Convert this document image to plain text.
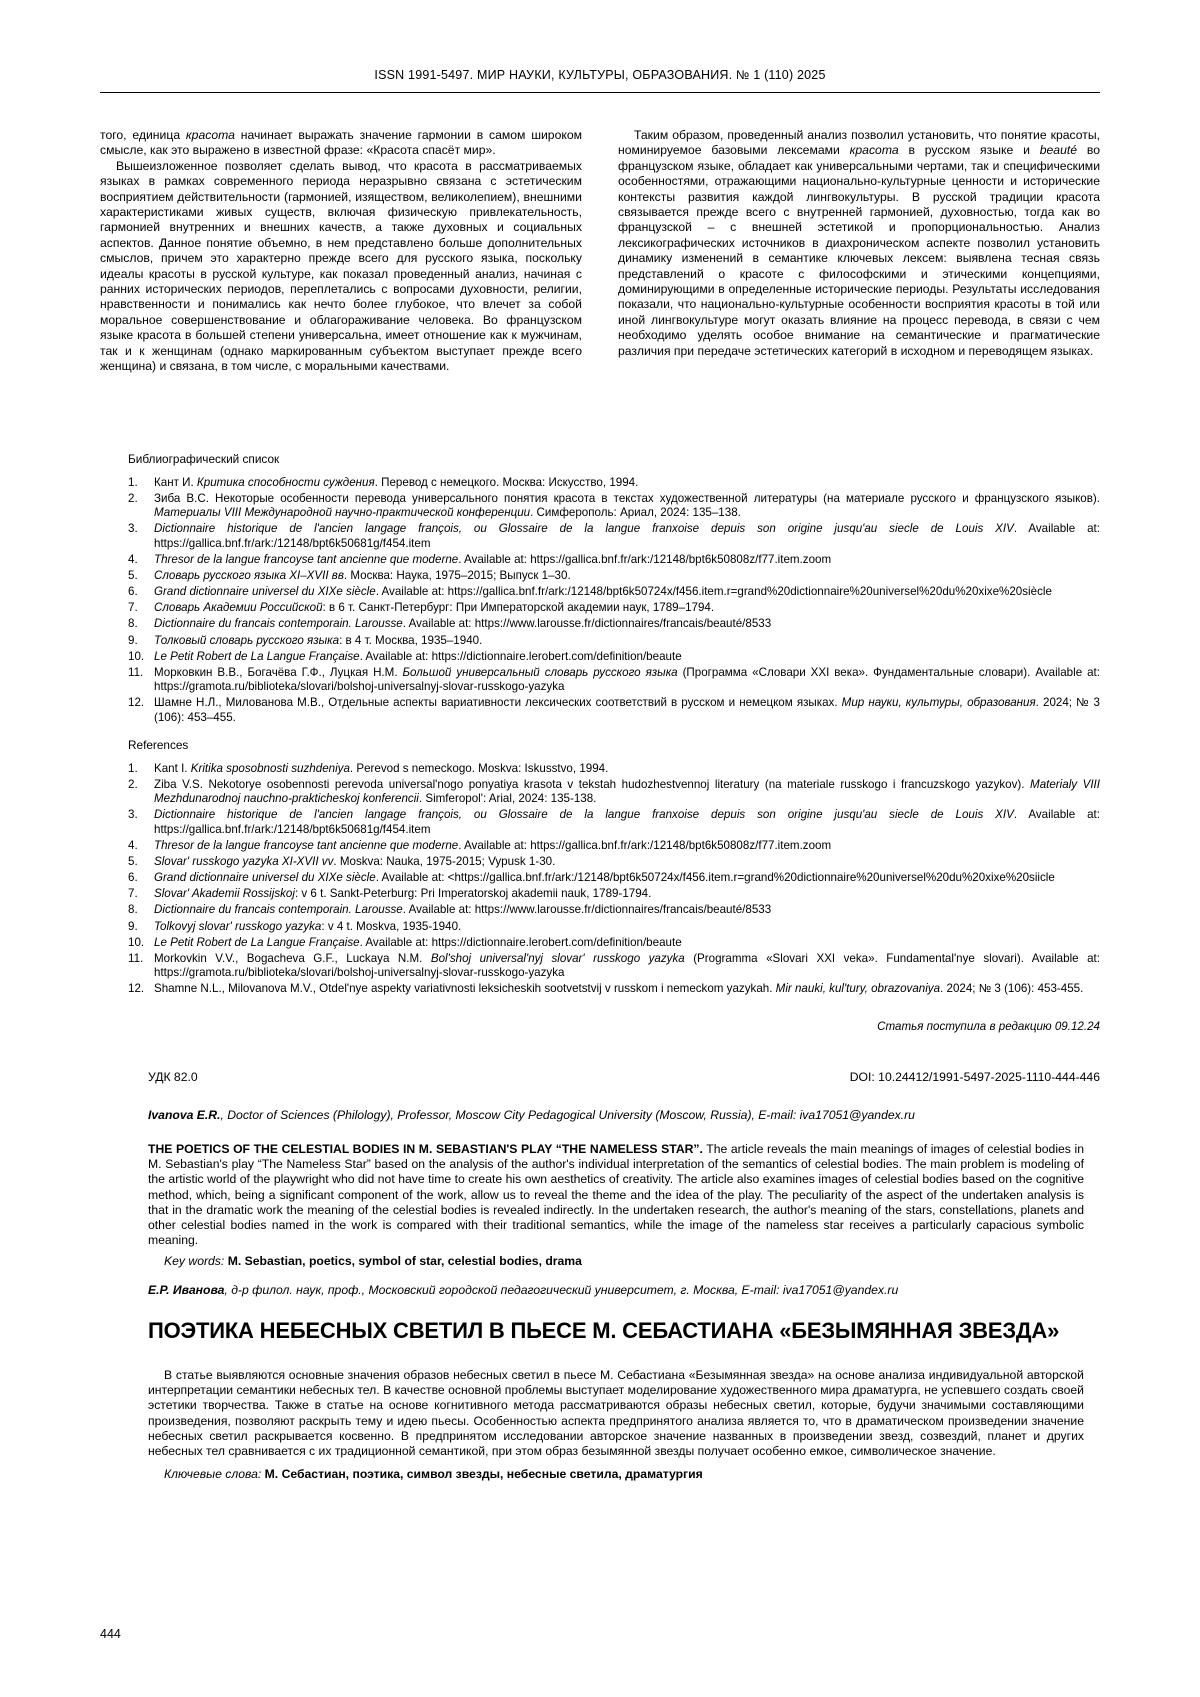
ISSN 1991-5497. МИР НАУКИ, КУЛЬТУРЫ, ОБРАЗОВАНИЯ. № 1 (110) 2025

того, единица красота начинает выражать значение гармонии в самом широком смысле, как это выражено в известной фразе: «Красота спасёт мир».

Вышеизложенное позволяет сделать вывод, что красота в рассматриваемых языках в рамках современного периода неразрывно связана с эстетическим восприятием действительности (гармонией, изяществом, великолепием), внешними характеристиками живых существ, включая физическую привлекательность, гармонией внутренних и внешних качеств, а также духовных и социальных аспектов. Данное понятие объемно, в нем представлено больше дополнительных смыслов, причем это характерно прежде всего для русского языка, поскольку идеалы красоты в русской культуре, как показал проведенный анализ, начиная с ранних исторических периодов, переплетались с вопросами духовности, религии, нравственности и понимались как нечто более глубокое, что влечет за собой моральное совершенствование и облагораживание человека. Во французском языке красота в большей степени универсальна, имеет отношение как к мужчинам, так и к женщинам (однако маркированным субъектом выступает прежде всего женщина) и связана, в том числе, с моральными качествами.

Таким образом, проведенный анализ позволил установить, что понятие красоты, номинируемое базовыми лексемами красота в русском языке и beauté во французском языке, обладает как универсальными чертами, так и специфическими особенностями, отражающими национально-культурные ценности и исторические контексты развития каждой лингвокультуры. В русской традиции красота связывается прежде всего с внутренней гармонией, духовностью, тогда как во французской – с внешней эстетикой и пропорциональностью. Анализ лексикографических источников в диахроническом аспекте позволил установить динамику изменений в семантике ключевых лексем: выявлена тесная связь представлений о красоте с философскими и этическими концепциями, доминирующими в определенные исторические периоды. Результаты исследования показали, что национально-культурные особенности восприятия красоты в той или иной лингвокультуре могут оказать влияние на процесс перевода, в связи с чем необходимо уделять особое внимание на семантические и прагматические различия при передаче эстетических категорий в исходном и переводящем языках.

Библиографический список
1.	Кант И. Критика способности суждения. Перевод с немецкого. Москва: Искусство, 1994.
2.	Зиба В.С. Некоторые особенности перевода универсального понятия красота в текстах художественной литературы (на материале русского и французского языков). Материалы VIII Международной научно-практической конференции. Симферополь: Ариал, 2024: 135–138.
3.	Dictionnaire historique de l'ancien langage françois, ou Glossaire de la langue franxoise depuis son origine jusqu'au siecle de Louis XIV. Available at: https://gallica.bnf.fr/ark:/12148/bpt6k50681g/f454.item
4.	Thresor de la langue francoyse tant ancienne que moderne. Available at: https://gallica.bnf.fr/ark:/12148/bpt6k50808z/f77.item.zoom
5.	Словарь русского языка XI–XVII вв. Москва: Наука, 1975–2015; Выпуск 1–30.
6.	Grand dictionnaire universel du XIXe siècle. Available at: https://gallica.bnf.fr/ark:/12148/bpt6k50724x/f456.item.r=grand%20dictionnaire%20universel%20du%20xixe%20siècle
7.	Словарь Академии Российской: в 6 т. Санкт-Петербург: При Императорской академии наук, 1789–1794.
8.	Dictionnaire du francais contemporain. Larousse. Available at: https://www.larousse.fr/dictionnaires/francais/beauté/8533
9.	Толковый словарь русского языка: в 4 т. Москва, 1935–1940.
10. Le Petit Robert de La Langue Française. Available at: https://dictionnaire.lerobert.com/definition/beaute
11. Морковкин В.В., Богачёва Г.Ф., Луцкая Н.М. Большой универсальный словарь русского языка (Программа «Словари XXI века». Фундаментальные словари). Available at: https://gramota.ru/biblioteka/slovari/bolshoj-universalnyj-slovar-russkogo-yazyka
12. Шамне Н.Л., Милованова М.В., Отдельные аспекты вариативности лексических соответствий в русском и немецком языках. Мир науки, культуры, образования. 2024; № 3 (106): 453–455.
References
1.	Kant I. Kritika sposobnosti suzhdeniya. Perevod s nemeckogo. Moskva: Iskusstvo, 1994.
2.	Ziba V.S. Nekotorye osobennosti perevoda universal'nogo ponyatiya krasota v tekstah hudozhestvennoj literatury (na materiale russkogo i francuzskogo yazykov). Materialy VIII Mezhdunarodnoj nauchno-prakticheskoj konferencii. Simferopol': Arial, 2024: 135-138.
3.	Dictionnaire historique de l'ancien langage françois, ou Glossaire de la langue franxoise depuis son origine jusqu'au siecle de Louis XIV. Available at: https://gallica.bnf.fr/ark:/12148/bpt6k50681g/f454.item
4.	Thresor de la langue francoyse tant ancienne que moderne. Available at: https://gallica.bnf.fr/ark:/12148/bpt6k50808z/f77.item.zoom
5.	Slovar' russkogo yazyka XI-XVII vv. Moskva: Nauka, 1975-2015; Vypusk 1-30.
6.	Grand dictionnaire universel du XIXe siècle. Available at: <https://gallica.bnf.fr/ark:/12148/bpt6k50724x/f456.item.r=grand%20dictionnaire%20universel%20du%20xixe%20siicle
7.	Slovar' Akademii Rossijskoj: v 6 t. Sankt-Peterburg: Pri Imperatorskoj akademii nauk, 1789-1794.
8.	Dictionnaire du francais contemporain. Larousse. Available at: https://www.larousse.fr/dictionnaires/francais/beauté/8533
9.	Tolkovyj slovar' russkogo yazyka: v 4 t. Moskva, 1935-1940.
10. Le Petit Robert de La Langue Française. Available at: https://dictionnaire.lerobert.com/definition/beaute
11. Morkovkin V.V., Bogacheva G.F., Luckaya N.M. Bol'shoj universal'nyj slovar' russkogo yazyka (Programma «Slovari XXI veka». Fundamental'nye slovari). Available at: https://gramota.ru/biblioteka/slovari/bolshoj-universalnyj-slovar-russkogo-yazyka
12. Shamne N.L., Milovanova M.V., Otdel'nye aspekty variativnosti leksicheskih sootvetstvij v russkom i nemeckom yazykah. Mir nauki, kul'tury, obrazovaniya. 2024; № 3 (106): 453-455.
Статья поступила в редакцию 09.12.24
УДК 82.0	DOI: 10.24412/1991-5497-2025-1110-444-446
Ivanova E.R., Doctor of Sciences (Philology), Professor, Moscow City Pedagogical University (Moscow, Russia), E-mail: iva17051@yandex.ru
THE POETICS OF THE CELESTIAL BODIES IN M. SEBASTIAN'S PLAY “THE NAMELESS STAR”. The article reveals the main meanings of images of celestial bodies in M. Sebastian's play “The Nameless Star” based on the analysis of the author's individual interpretation of the semantics of celestial bodies. The main problem is modeling of the artistic world of the playwright who did not have time to create his own aesthetics of creativity. The article also examines images of celestial bodies based on the cognitive method, which, being a significant component of the work, allow us to reveal the theme and the idea of the play. The peculiarity of the aspect of the undertaken analysis is that in the dramatic work the meaning of the celestial bodies is revealed indirectly. In the undertaken research, the author's meaning of the stars, constellations, planets and other celestial bodies named in the work is compared with their traditional semantics, while the image of the nameless star receives a particularly capacious symbolic meaning.
Key words: M. Sebastian, poetics, symbol of star, celestial bodies, drama
Е.Р. Иванова, д-р филол. наук, проф., Московский городской педагогический университет, г. Москва, E-mail: iva17051@yandex.ru
ПОЭТИКА НЕБЕСНЫХ СВЕТИЛ В ПЬЕСЕ М. СЕБАСТИАНА «БЕЗЫМЯННАЯ ЗВЕЗДА»
В статье выявляются основные значения образов небесных светил в пьесе М. Себастиана «Безымянная звезда» на основе анализа индивидуальной авторской интерпретации семантики небесных тел. В качестве основной проблемы выступает моделирование художественного мира драматурга, не успевшего создать своей эстетики творчества. Также в статье на основе когнитивного метода рассматриваются образы небесных светил, которые, будучи значимыми составляющими произведения, позволяют раскрыть тему и идею пьесы. Особенностью аспекта предпринятого анализа является то, что в драматическом произведении значение небесных светил раскрывается косвенно. В предпринятом исследовании авторское значение названных в произведении звезд, созвездий, планет и других небесных тел сравнивается с их традиционной семантикой, при этом образ безымянной звезды получает особенно емкое, символическое значение.
Ключевые слова: М. Себастиан, поэтика, символ звезды, небесные светила, драматургия
444
